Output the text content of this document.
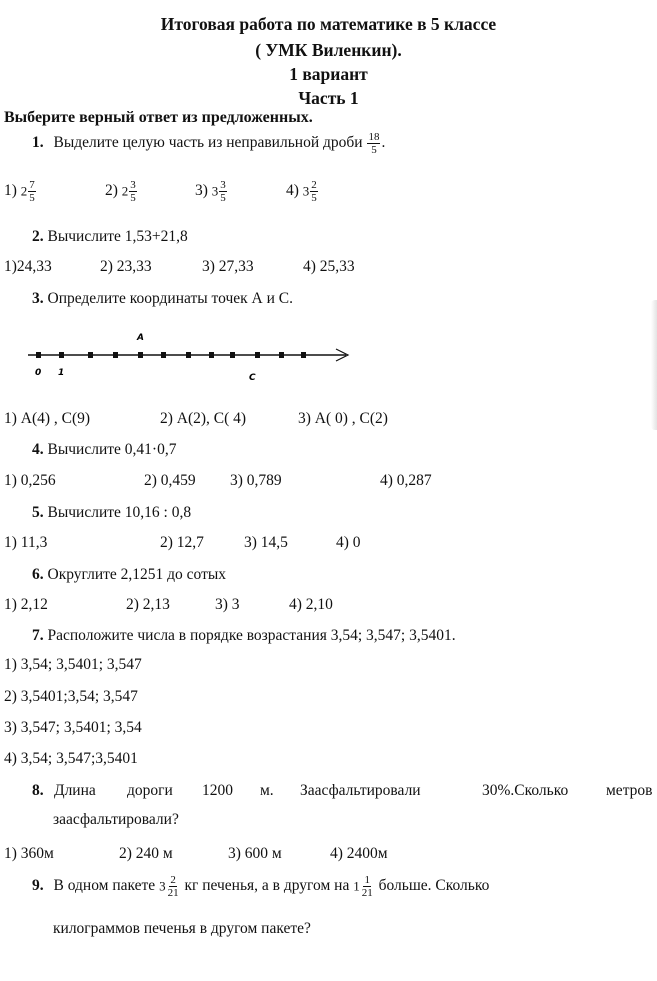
Итоговая работа по математике в 5 классе
( УМК Виленкин).
1 вариант
Часть 1
Выберите верный ответ из предложенных.
1. Выделите целую часть из неправильной дроби $\frac{18}{5}$ .
1) $2 \frac{7}{5}$	2) $2 \frac{3}{5}$	3) $3 \frac{3}{5}$	4) $3 \frac{2}{5}$
2. Вычислите 1,53+21,8
1)24,33	2) 23,33	3) 27,33	4) 25,33
3. Определите координаты точек А и С.
A
0 1	C
1) А(4) , С(9)	2) А(2), С( 4)	3) А( 0) , С(2)
4. Вычислите 0,41·0,7
1) 0,256	2) 0,459 3) 0,789	4) 0,287
5. Вычислите 10,16 : 0,8
1) 11,3	2) 12,7	3) 14,5	4) 0
6. Округлите 2,1251 до сотых
1) 2,12	2) 2,13	3) 3	4) 2,10
7. Расположите числа в порядке возрастания 3,54; 3,547; 3,5401.
1) 3,54; 3,5401; 3,547
2) 3,5401;3,54; 3,547
3) 3,547; 3,5401; 3,54
4) 3,54; 3,547;3,5401
8. Длина дороги 1200 м. Заасфальтировали	30%.Сколько метров
заасфальтировали?
1) 360м	2) 240 м	3) 600 м	4) 2400м
9. В одном пакете $3 \frac{2}{21}$ кг печенья, а в другом на $1 \frac{1}{21}$ больше. Сколько
килограммов печенья в другом пакете?
